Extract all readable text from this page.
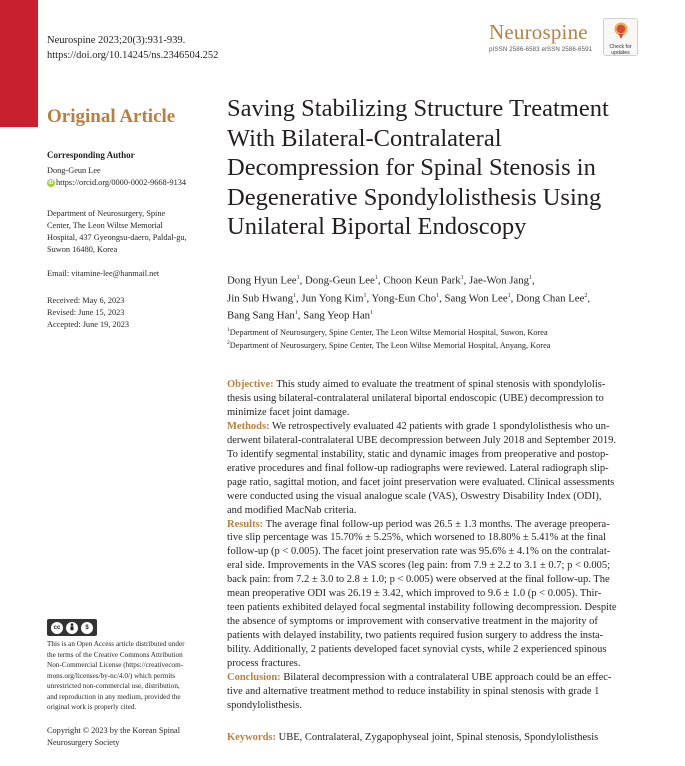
Neurospine 2023;20(3):931-939.
https://doi.org/10.14245/ns.2346504.252
Neurospine
pISSN 2586-6583 eISSN 2586-6591	Check for
updates
Original Article
Corresponding Author
Dong-Geun Lee
iD https://orcid.org/0000-0002-9668-9134
Department of Neurosurgery, Spine
Center, The Leon Wiltse Memorial
Hospital, 437 Gyeongsu-daero, Paldal-gu,
Suwon 16480, Korea
Email: vitamine-lee@hanmail.net
Received: May 6, 2023
Revised: June 15, 2023
Accepted: June 19, 2023
cc	$
This is an Open Access article distributed under
the terms of the Creative Commons Attribution
Non-Commercial License (https://creativecom-
mons.org/licenses/by-nc/4.0/) which permits
unrestricted non-commercial use, distribution,
and reproduction in any medium, provided the
original work is properly cited.
Copyright © 2023 by the Korean Spinal
Neurosurgery Society
Saving Stabilizing Structure Treatment
With Bilateral-Contralateral
Decompression for Spinal Stenosis in
Degenerative Spondylolisthesis Using
Unilateral Biportal Endoscopy
Dong Hyun Lee$^1$, Dong-Geun Lee$^1$, Choon Keun Park$^1$, Jae-Won Jang$^1$,
Jin Sub Hwang$^1$, Jun Yong Kim$^1$, Yong-Eun Cho$^1$, Sang Won Lee$^1$, Dong Chan Lee$^2$,
Bang Sang Han$^1$, Sang Yeop Han$^1$
$^1$Department of Neurosurgery, Spine Center, The Leon Wiltse Memorial Hospital, Suwon, Korea
$^2$Department of Neurosurgery, Spine Center, The Leon Wiltse Memorial Hospital, Anyang, Korea
Objective: This study aimed to evaluate the treatment of spinal stenosis with spondylolis-
thesis using bilateral-contralateral unilateral biportal endoscopic (UBE) decompression to
minimize facet joint damage.
Methods: We retrospectively evaluated 42 patients with grade 1 spondylolisthesis who un-
derwent bilateral-contralateral UBE decompression between July 2018 and September 2019.
To identify segmental instability, static and dynamic images from preoperative and postop-
erative procedures and final follow-up radiographs were reviewed. Lateral radiograph slip-
page ratio, sagittal motion, and facet joint preservation were evaluated. Clinical assessments
were conducted using the visual analogue scale (VAS), Oswestry Disability Index (ODI),
and modified MacNab criteria.
Results: The average final follow-up period was 26.5 ± 1.3 months. The average preopera-
tive slip percentage was 15.70% ± 5.25%, which worsened to 18.80% ± 5.41% at the final
follow-up (p < 0.005). The facet joint preservation rate was 95.6% ± 4.1% on the contralat-
eral side. Improvements in the VAS scores (leg pain: from 7.9 ± 2.2 to 3.1 ± 0.7; p < 0.005;
back pain: from 7.2 ± 3.0 to 2.8 ± 1.0; p < 0.005) were observed at the final follow-up. The
mean preoperative ODI was 26.19 ± 3.42, which improved to 9.6 ± 1.0 (p < 0.005). Thir-
teen patients exhibited delayed focal segmental instability following decompression. Despite
the absence of symptoms or improvement with conservative treatment in the majority of
patients with delayed instability, two patients required fusion surgery to address the insta-
bility. Additionally, 2 patients developed facet synovial cysts, while 2 experienced spinous
process fractures.
Conclusion: Bilateral decompression with a contralateral UBE approach could be an effec-
tive and alternative treatment method to reduce instability in spinal stenosis with grade 1
spondylolisthesis.
Keywords: UBE, Contralateral, Zygapophyseal joint, Spinal stenosis, Spondylolisthesis
